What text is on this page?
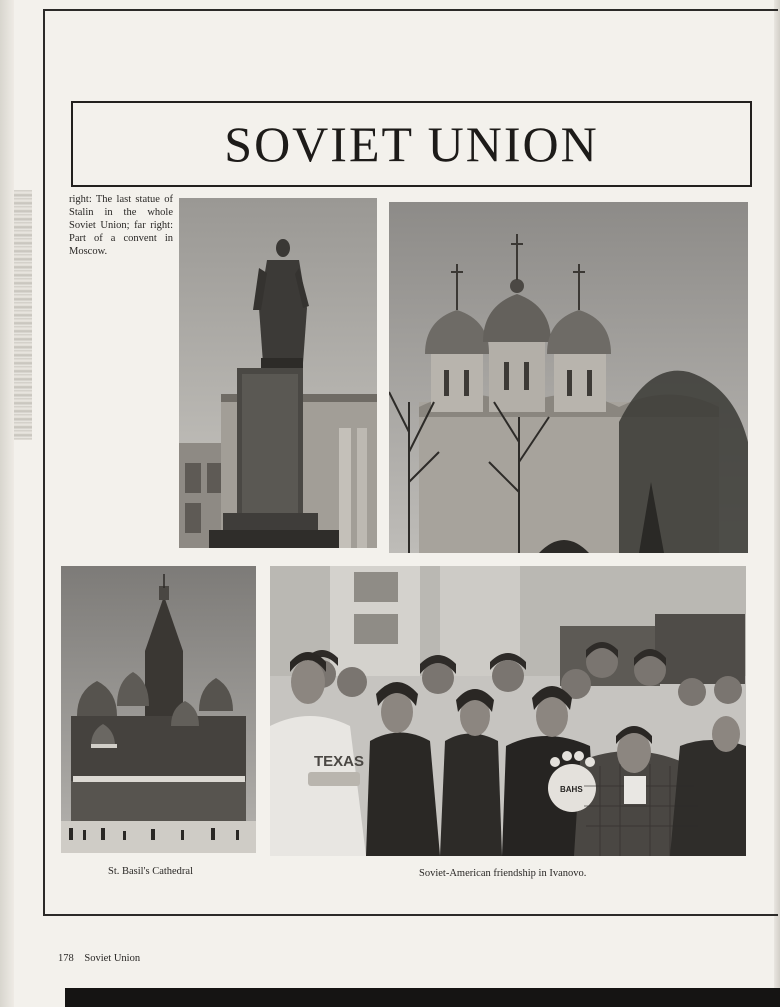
SOVIET UNION
right: The last statue of Stalin in the whole Soviet Union; far right: Part of a convent in Moscow.
TEXAS
BAHS
St. Basil's Cathedral	Soviet-American friendship in Ivanovo.
178 Soviet Union
